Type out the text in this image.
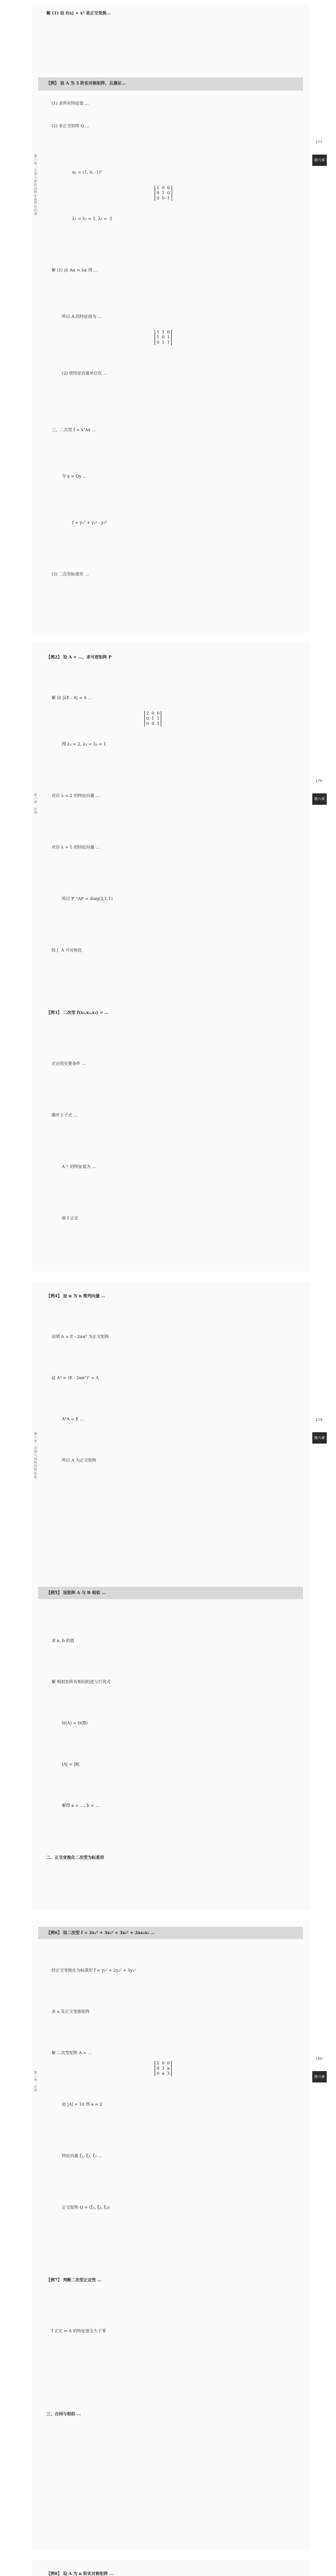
解 (1) 设 f(x) = x² 是正交变换…
【例】 设 A 为 3 阶实对称矩阵，且满足…
(1) 求所有特征值 …
(2) 求正交矩阵 Q …
α₁ = (1, 0, -1)ᵀ
λ₁ = λ₂ = 1, λ₃ = -1
解 (1) 由 Aα = λα 得 …
所以 A 的特征值为 …
(2) 将特征向量单位化 …
三、二次型 f = xᵀAx …
令 x = Qy …
f = y₁² + y₂² - y₃²
(3) 二次型标准形 …
1  0  0
0  1  0
0  0 -1
1  1  0
1  0  1
0  1  1
第六章 二次型与矩阵的特征值特征向量
第六章
177
【例2】 设 A = …，求可逆矩阵 P
解 由 |λE - A| = 0 …
得 λ₁ = 2, λ₂ = λ₃ = 1
对应 λ = 2 的特征向量 …
对应 λ = 1 的特征向量 …
所以 P⁻¹AP = diag(2,1,1)
综上 A 可对角化
【例3】 二次型 f(x₁,x₂,x₃) = …
正定的充要条件 …
顺序主子式 …
A⁻¹ 的特征值为 …
故 f 正定
2  0  0
0  1  1
0  0  1
第六章 二次型
第六章
178
【例4】 设 α 为 n 维列向量 …
证明 A = E - 2ααᵀ 为正交矩阵
证 Aᵀ = (E - 2ααᵀ)ᵀ = A
AᵀA = E …
所以 A 为正交矩阵
【例5】 设矩阵 A 与 B 相似 …
求 a, b 的值
解 相似矩阵有相同的迹与行列式
tr(A) = tr(B)
|A| = |B|
解得 a = …, b = …
二、正交变换化二次型为标准形
第六章 二次型与矩阵的特征值
第六章
179
【例6】 设二次型 f = 2x₁² + 3x₂² + 3x₃² + 2ax₂x₃ …
经正交变换化为标准形 f = y₁² + 2y₂² + 5y₃²
求 a 及正交变换矩阵
解 二次型矩阵 A = …
由 |A| = 10 得 a = 2
特征向量 ξ₁, ξ₂, ξ₃ …
正交矩阵 Q = (ξ₁, ξ₂, ξ₃)
【例7】 判断二次型正定性 …
f 正定 ⇔ A 的特征值全大于零
三、合同与相似 …
2  0  0
0  3  a
0  a  3
第六章 二次型
第六章
180
【例8】 设 A 为 n 阶实对称矩阵 …
